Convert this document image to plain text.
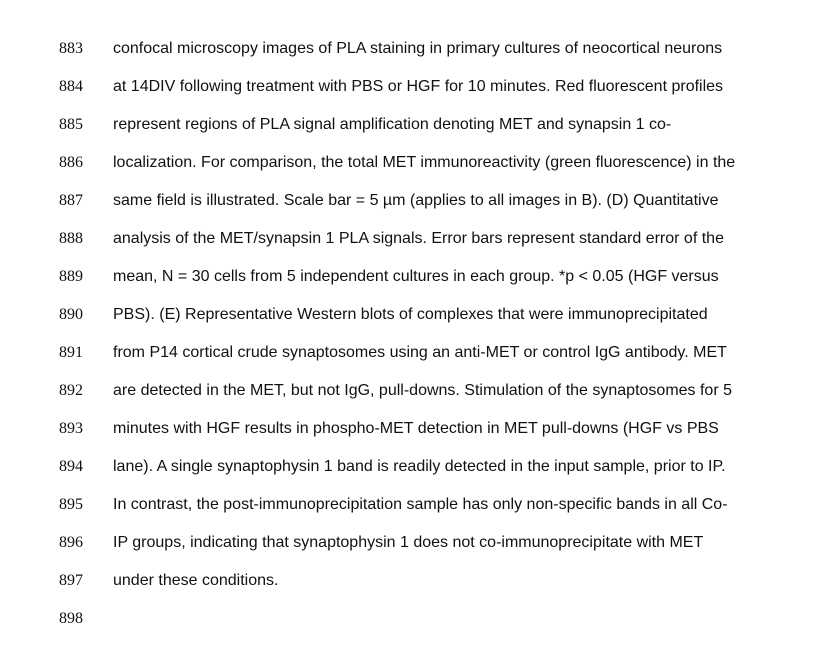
883 confocal microscopy images of PLA staining in primary cultures of neocortical neurons
884 at 14DIV following treatment with PBS or HGF for 10 minutes. Red fluorescent profiles
885 represent regions of PLA signal amplification denoting MET and synapsin 1 co-
886 localization. For comparison, the total MET immunoreactivity (green fluorescence) in the
887 same field is illustrated. Scale bar = 5 µm (applies to all images in B). (D) Quantitative
888 analysis of the MET/synapsin 1 PLA signals. Error bars represent standard error of the
889 mean, N = 30 cells from 5 independent cultures in each group. *p < 0.05 (HGF versus
890 PBS). (E) Representative Western blots of complexes that were immunoprecipitated
891 from P14 cortical crude synaptosomes using an anti-MET or control IgG antibody. MET
892 are detected in the MET, but not IgG, pull-downs. Stimulation of the synaptosomes for 5
893 minutes with HGF results in phospho-MET detection in MET pull-downs (HGF vs PBS
894 lane). A single synaptophysin 1 band is readily detected in the input sample, prior to IP.
895 In contrast, the post-immunoprecipitation sample has only non-specific bands in all Co-
896 IP groups, indicating that synaptophysin 1 does not co-immunoprecipitate with MET
897 under these conditions.
898
